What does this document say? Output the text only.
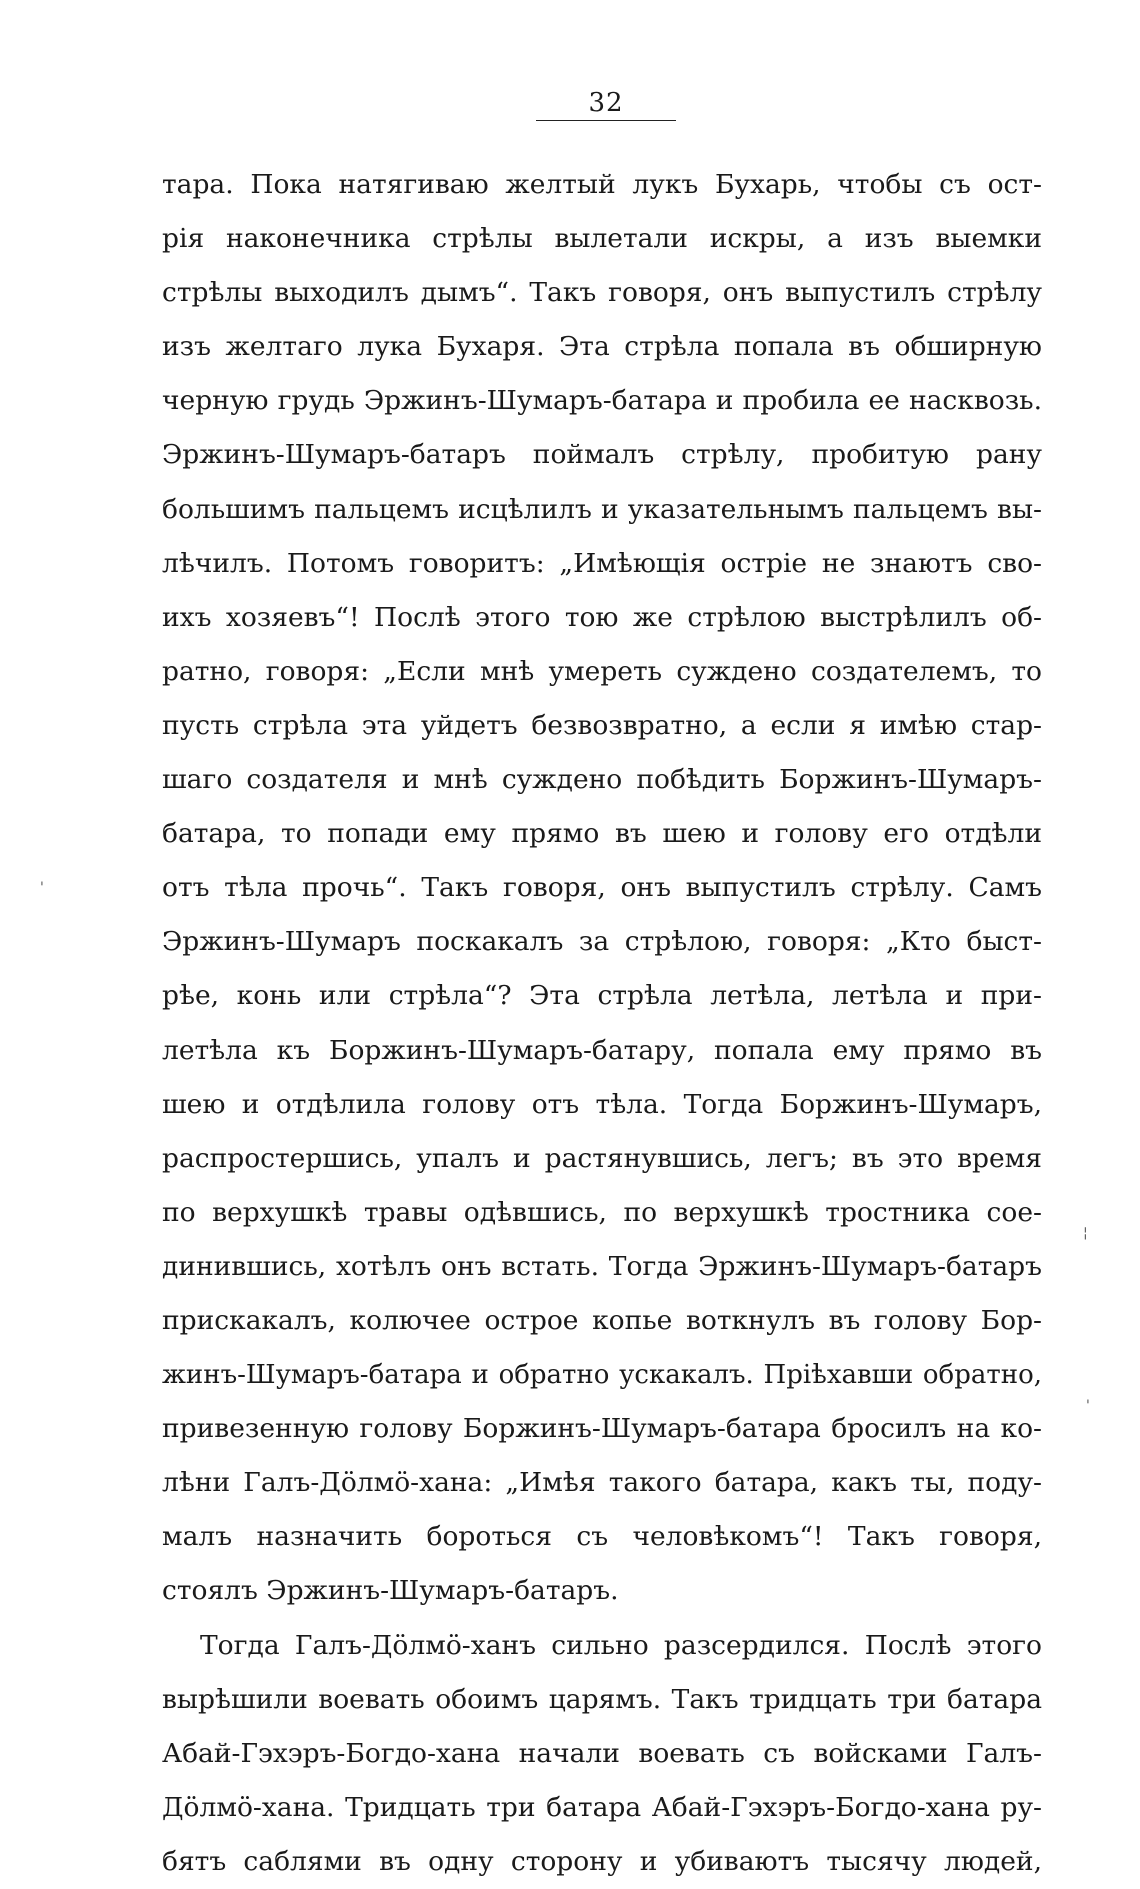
32
тара. Пока натягиваю желтый лукъ Бухарь, чтобы съ ост-
рiя наконечника стрѣлы вылетали искры, а изъ выемки
стрѣлы выходилъ дымъ“. Такъ говоря, онъ выпустилъ стрѣлу
изъ желтаго лука Бухаря. Эта стрѣла попала въ обширную
черную грудь Эржинъ-Шумаръ-батара и пробила ее насквозь.
Эржинъ-Шумаръ-батаръ поймалъ стрѣлу, пробитую рану
большимъ пальцемъ исцѣлилъ и указательнымъ пальцемъ вы-
лѣчилъ. Потомъ говоритъ: „Имѣющiя остріе не знаютъ сво-
ихъ хозяевъ“! Послѣ этого тою же стрѣлою выстрѣлилъ об-
ратно, говоря: „Если мнѣ умереть суждено создателемъ, то
пусть стрѣла эта уйдетъ безвозвратно, а если я имѣю стар-
шаго создателя и мнѣ суждено побѣдить Боржинъ-Шумаръ-
батара, то попади ему прямо въ шею и голову его отдѣли
отъ тѣла прочь“. Такъ говоря, онъ выпустилъ стрѣлу. Самъ
Эржинъ-Шумаръ поскакалъ за стрѣлою, говоря: „Кто быст-
рѣе, конь или стрѣла“? Эта стрѣла летѣла, летѣла и при-
летѣла къ Боржинъ-Шумаръ-батару, попала ему прямо въ
шею и отдѣлила голову отъ тѣла. Тогда Боржинъ-Шумаръ,
распростершись, упалъ и растянувшись, легъ; въ это время
по верхушкѣ травы одѣвшись, по верхушкѣ тростника сое-
динившись, хотѣлъ онъ встать. Тогда Эржинъ-Шумаръ-батаръ
прискакалъ, колючее острое копье воткнулъ въ голову Бор-
жинъ-Шумаръ-батара и обратно ускакалъ. Прiѣхавши обратно,
привезенную голову Боржинъ-Шумаръ-батара бросилъ на ко-
лѣни Галъ-Дöлмö-хана: „Имѣя такого батара, какъ ты, поду-
малъ назначить бороться съ человѣкомъ“! Такъ говоря,
стоялъ Эржинъ-Шумаръ-батаръ.
Тогда Галъ-Дöлмö-ханъ сильно разсердился. Послѣ этого
вырѣшили воевать обоимъ царямъ. Такъ тридцать три батара
Абай-Гэхэръ-Богдо-хана начали воевать съ войсками Галъ-
Дöлмö-хана. Тридцать три батара Абай-Гэхэръ-Богдо-хана ру-
бятъ саблями въ одну сторону и убиваютъ тысячу людей,
'
¦
'
